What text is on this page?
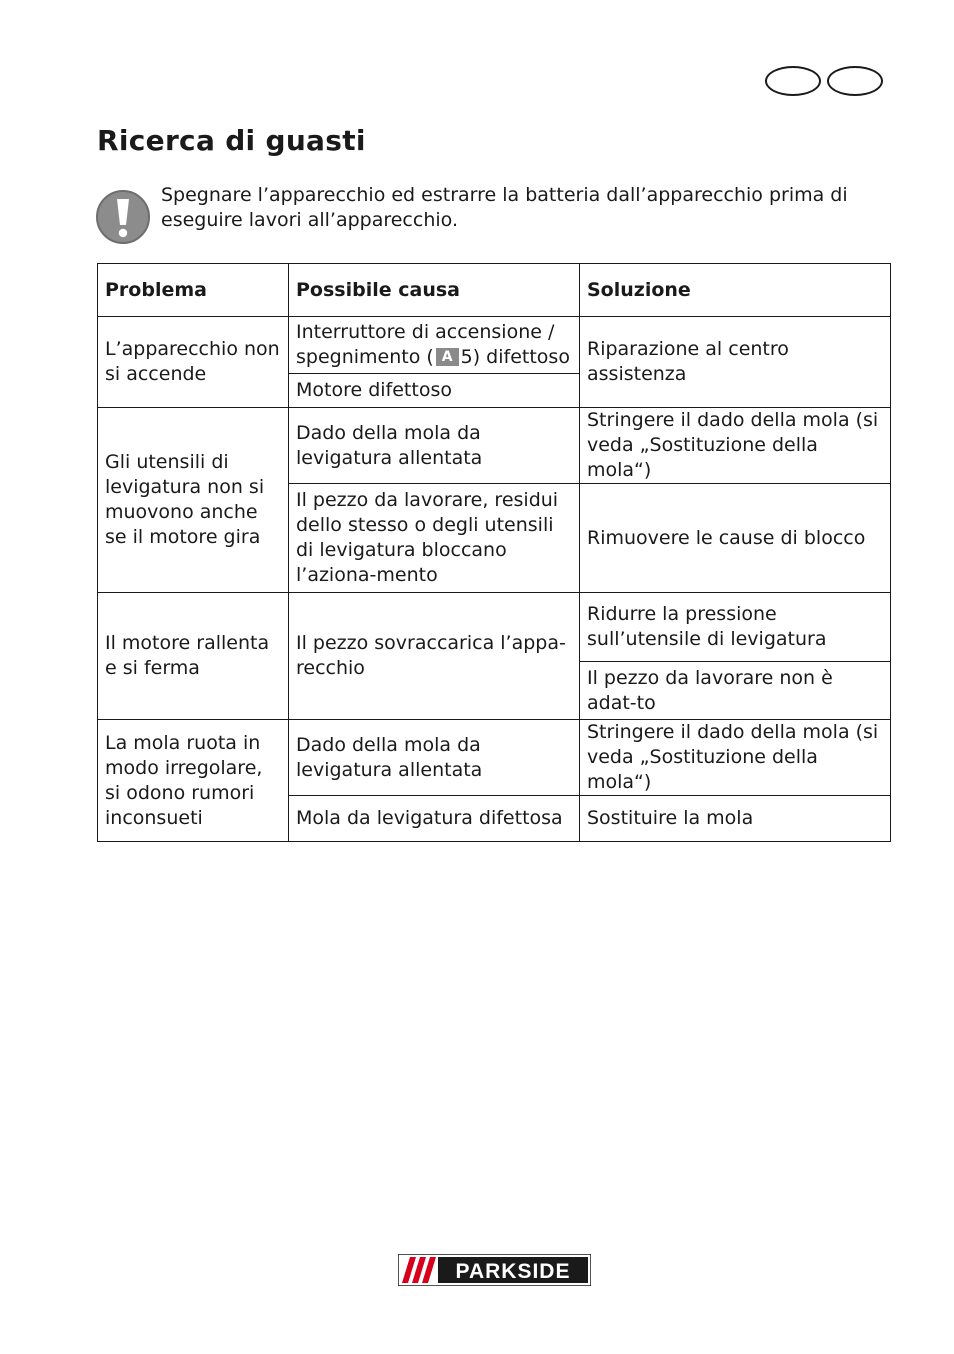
Ricerca di guasti

Spegnare l’apparecchio ed estrarre la batteria dall’apparecchio prima di eseguire lavori all’apparecchio.

Problema	Possibile causa	Soluzione
L’apparecchio non si accende	Interruttore di accensione / spegnimento ( A 5) difettoso	Riparazione al centro assistenza
	Motore difettoso	
Gli utensili di levigatura non si muovono anche se il motore gira	Dado della mola da levigatura allentata	Stringere il dado della mola (si veda „Sostituzione della mola“)
	Il pezzo da lavorare, residui dello stesso o degli utensili di levigatura bloccano l’aziona-mento	Rimuovere le cause di blocco
Il motore rallenta e si ferma	Il pezzo sovraccarica l’appa-recchio	Ridurre la pressione sull’utensile di levigatura
		Il pezzo da lavorare non è adat-to
La mola ruota in modo irregolare, si odono rumori inconsueti	Dado della mola da levigatura allentata	Stringere il dado della mola (si veda „Sostituzione della mola“)
	Mola da levigatura difettosa	Sostituire la mola
PARKSIDE
